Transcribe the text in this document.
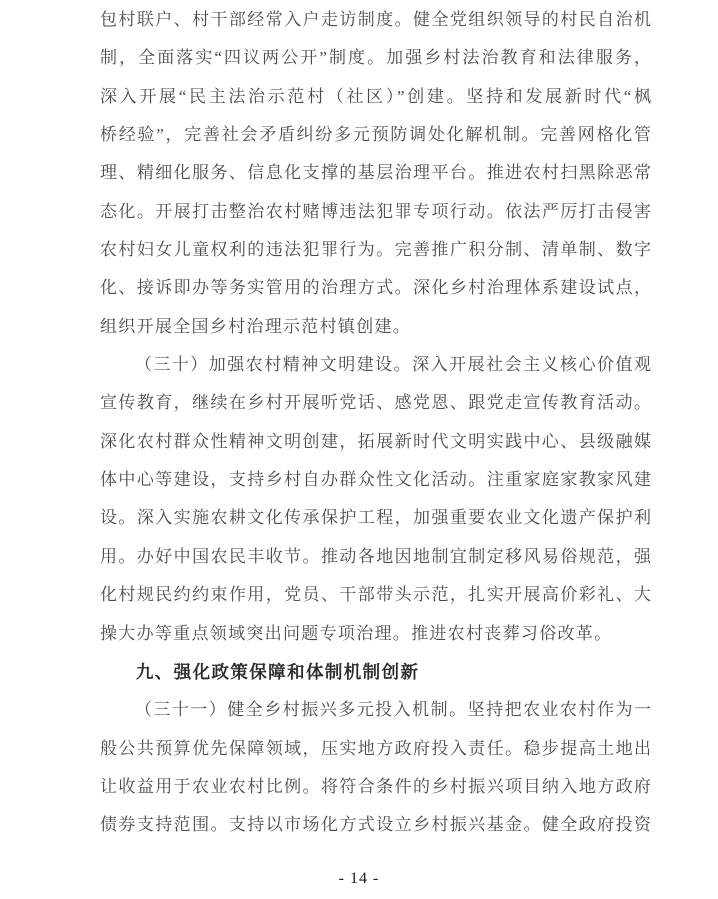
包村联户、村干部经常入户走访制度。健全党组织领导的村民自治机
制，全面落实“四议两公开”制度。加强乡村法治教育和法律服务，
深入开展“民主法治示范村（社区）”创建。坚持和发展新时代“枫
桥经验”，完善社会矛盾纠纷多元预防调处化解机制。完善网格化管
理、精细化服务、信息化支撑的基层治理平台。推进农村扫黑除恶常
态化。开展打击整治农村赌博违法犯罪专项行动。依法严厉打击侵害
农村妇女儿童权利的违法犯罪行为。完善推广积分制、清单制、数字
化、接诉即办等务实管用的治理方式。深化乡村治理体系建设试点，
组织开展全国乡村治理示范村镇创建。
（三十）加强农村精神文明建设。深入开展社会主义核心价值观
宣传教育，继续在乡村开展听党话、感党恩、跟党走宣传教育活动。
深化农村群众性精神文明创建，拓展新时代文明实践中心、县级融媒
体中心等建设，支持乡村自办群众性文化活动。注重家庭家教家风建
设。深入实施农耕文化传承保护工程，加强重要农业文化遗产保护利
用。办好中国农民丰收节。推动各地因地制宜制定移风易俗规范，强
化村规民约约束作用，党员、干部带头示范，扎实开展高价彩礼、大
操大办等重点领域突出问题专项治理。推进农村丧葬习俗改革。
九、强化政策保障和体制机制创新
（三十一）健全乡村振兴多元投入机制。坚持把农业农村作为一
般公共预算优先保障领域，压实地方政府投入责任。稳步提高土地出
让收益用于农业农村比例。将符合条件的乡村振兴项目纳入地方政府
债券支持范围。支持以市场化方式设立乡村振兴基金。健全政府投资
- 14 -
